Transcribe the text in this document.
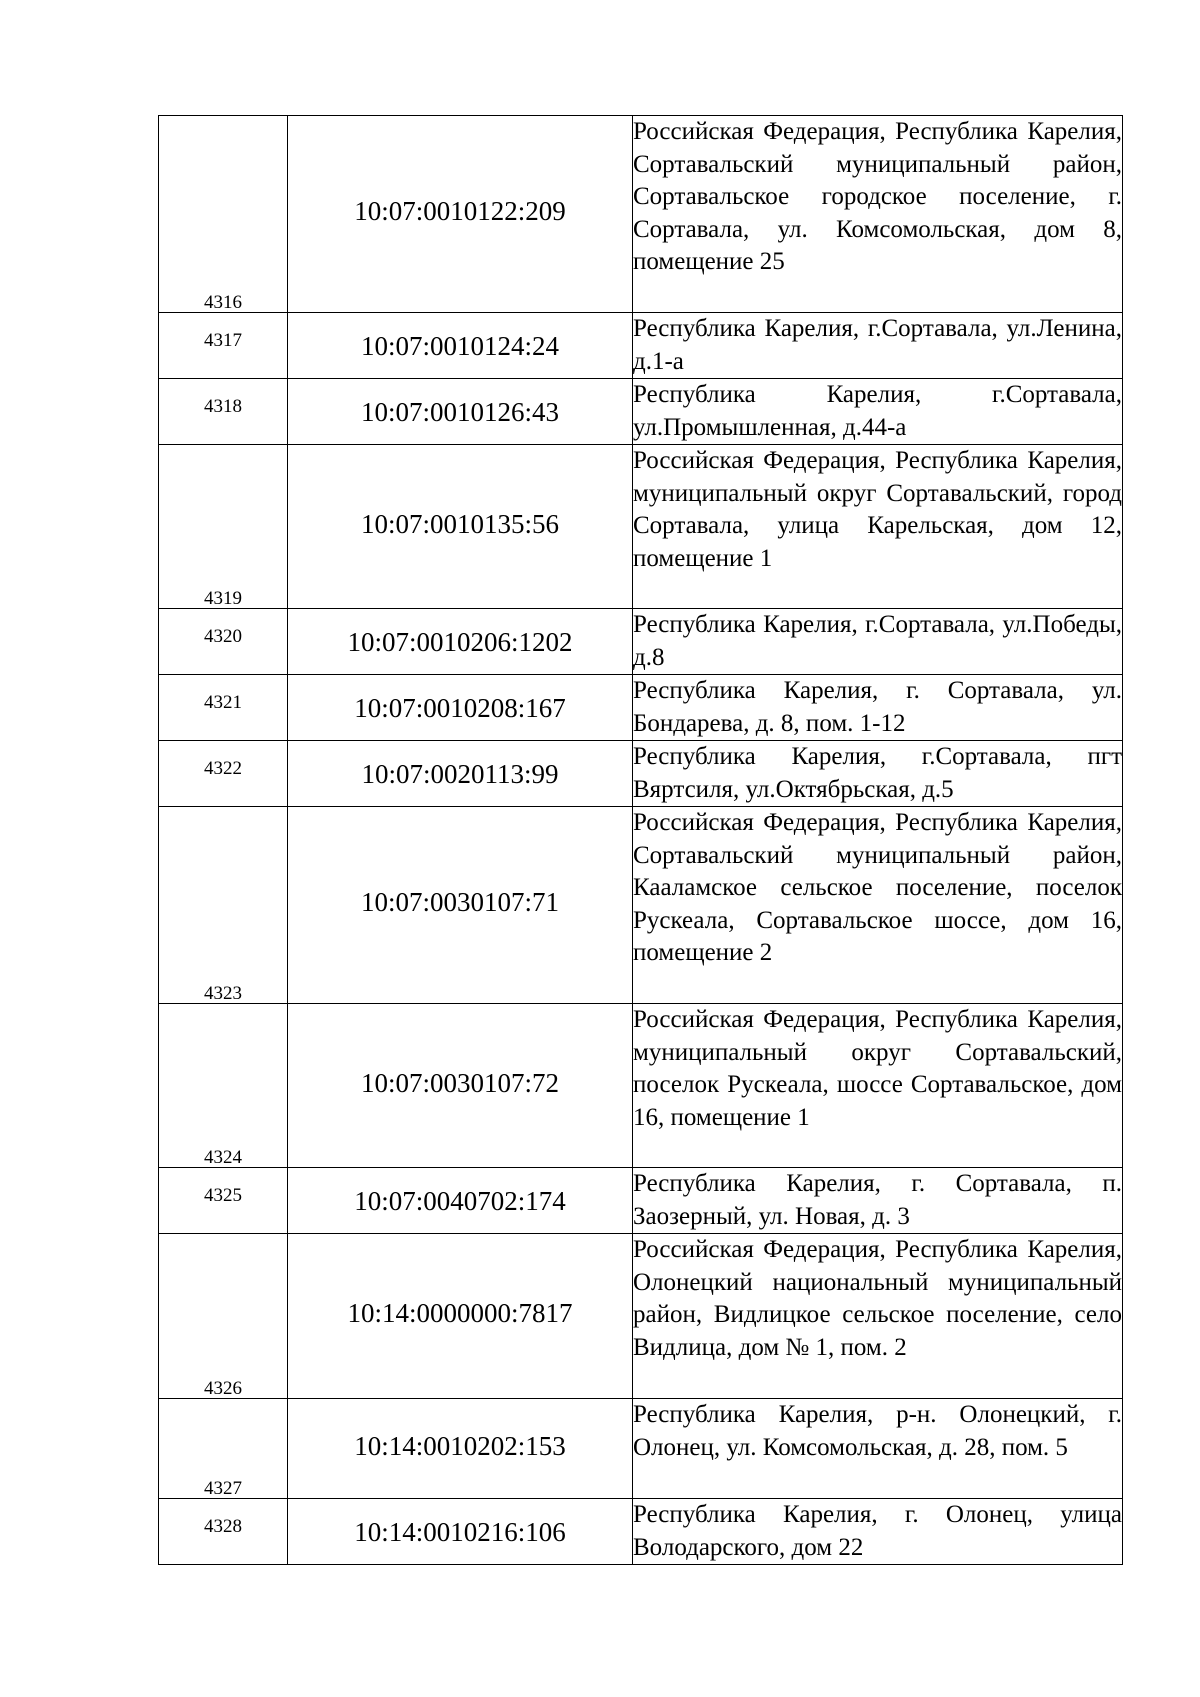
4316	10:07:0010122:209	Российская Федерация, Республика Карелия, Сортавальский муниципальный район, Сортавальское городское поселение, г. Сортавала, ул. Комсомольская, дом 8, помещение 25
4317	10:07:0010124:24	Республика Карелия, г.Сортавала, ул.Ленина, д.1-а
4318	10:07:0010126:43	Республика Карелия, г.Сортавала, ул.Промышленная, д.44-а
4319	10:07:0010135:56	Российская Федерация, Республика Карелия, муниципальный округ Сортавальский, город Сортавала, улица Карельская, дом 12, помещение 1
4320	10:07:0010206:1202	Республика Карелия, г.Сортавала, ул.Победы, д.8
4321	10:07:0010208:167	Республика Карелия, г. Сортавала, ул. Бондарева, д. 8, пом. 1-12
4322	10:07:0020113:99	Республика Карелия, г.Сортавала, пгт Вяртсиля, ул.Октябрьская, д.5
4323	10:07:0030107:71	Российская Федерация, Республика Карелия, Сортавальский муниципальный район, Кааламское сельское поселение, поселок Рускеала, Сортавальское шоссе, дом 16, помещение 2
4324	10:07:0030107:72	Российская Федерация, Республика Карелия, муниципальный округ Сортавальский, поселок Рускеала, шоссе Сортавальское, дом 16, помещение 1
4325	10:07:0040702:174	Республика Карелия, г. Сортавала, п. Заозерный, ул. Новая, д. 3
4326	10:14:0000000:7817	Российская Федерация, Республика Карелия, Олонецкий национальный муниципальный район, Видлицкое сельское поселение, село Видлица, дом № 1, пом. 2
4327	10:14:0010202:153	Республика Карелия, р-н. Олонецкий, г. Олонец, ул. Комсомольская, д. 28, пом. 5
4328	10:14:0010216:106	Республика Карелия, г. Олонец, улица Володарского, дом 22
